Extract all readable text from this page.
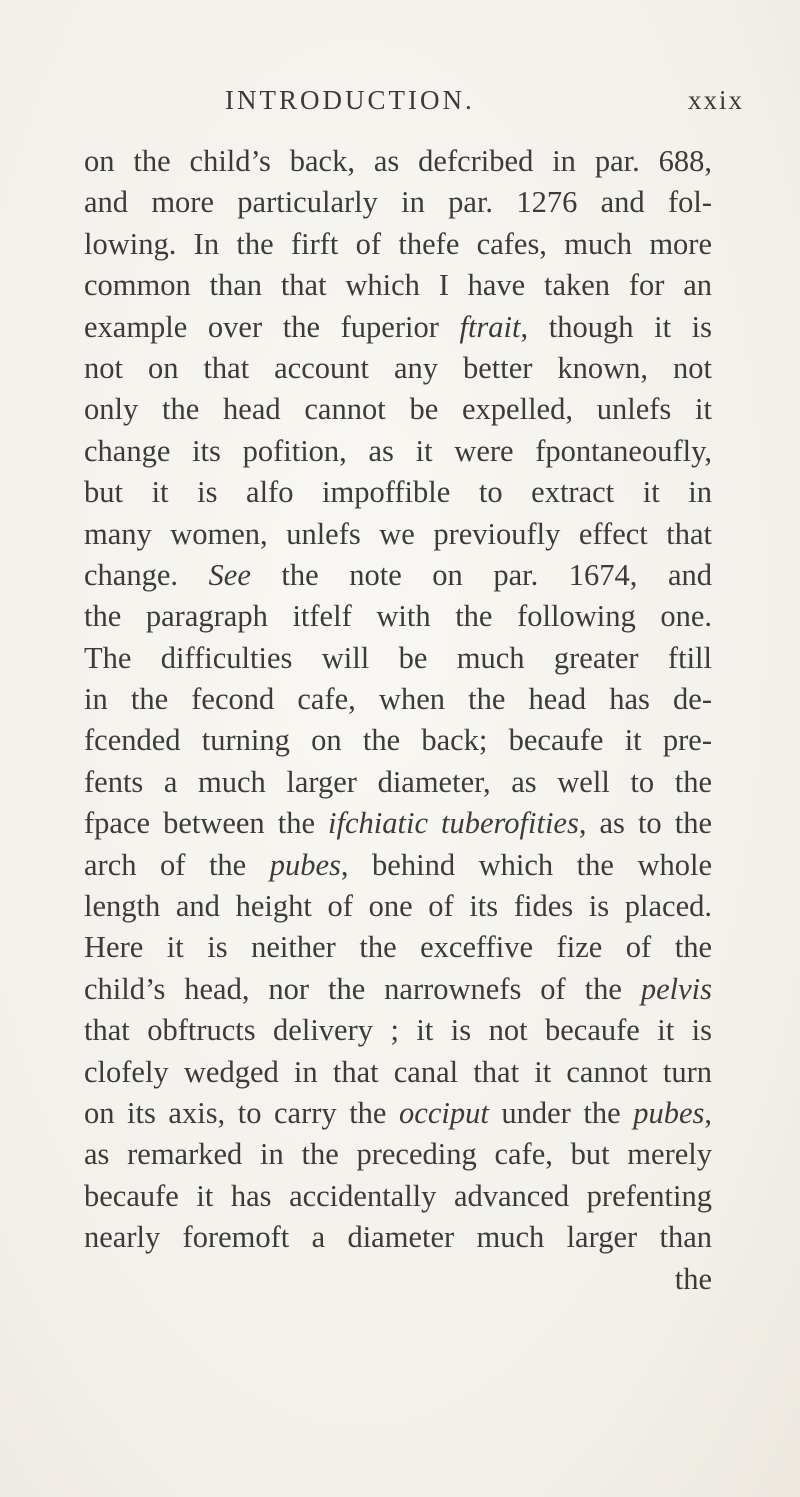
INTRODUCTION.	xxix
on the child’s back, as defcribed in par. 688,
and more particularly in par. 1276 and fol-
lowing. In the firft of thefe cafes, much more
common than that which I have taken for an
example over the fuperior ftrait, though it is
not on that account any better known, not
only the head cannot be expelled, unlefs it
change its pofition, as it were fpontaneoufly,
but it is alfo impoffible to extract it in
many women, unlefs we previoufly effect that
change. See the note on par. 1674, and
the paragraph itfelf with the following one.
The difficulties will be much greater ftill
in the fecond cafe, when the head has de-
fcended turning on the back; becaufe it pre-
fents a much larger diameter, as well to the
fpace between the ifchiatic tuberofities, as to the
arch of the pubes, behind which the whole
length and height of one of its fides is placed.
Here it is neither the exceffive fize of the
child’s head, nor the narrownefs of the pelvis
that obftructs delivery ; it is not becaufe it is
clofely wedged in that canal that it cannot turn
on its axis, to carry the occiput under the pubes,
as remarked in the preceding cafe, but merely
becaufe it has accidentally advanced prefenting
nearly foremoft a diameter much larger than
the
